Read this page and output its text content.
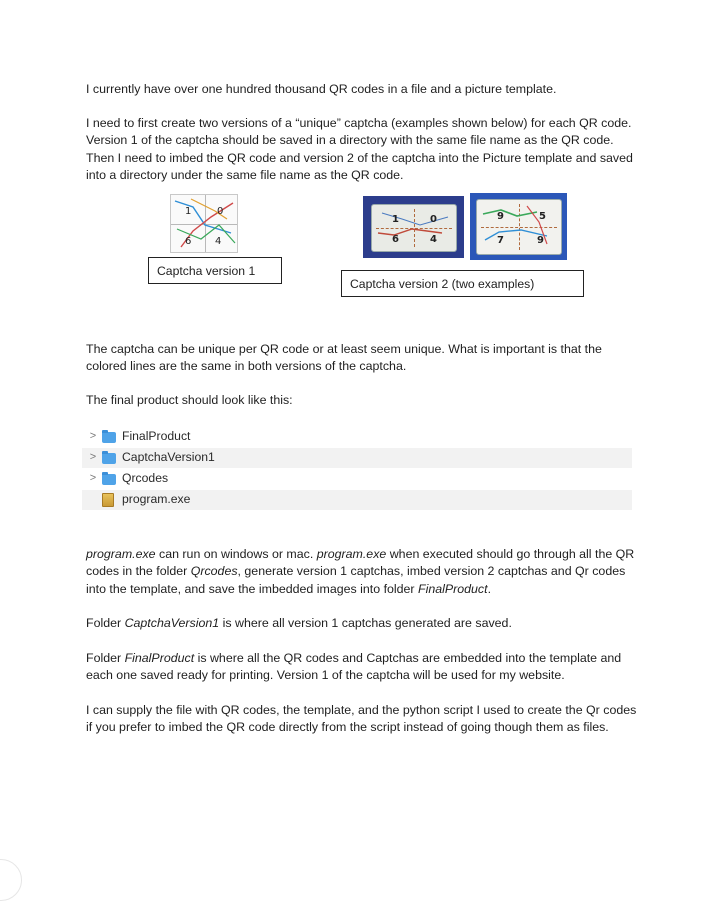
I currently have over one hundred thousand QR codes in a file and a picture template.

I need to first create two versions of a “unique” captcha (examples shown below) for each QR code. Version 1 of the captcha should be saved in a directory with the same file name as the QR code. Then I need to imbed the QR code and version 2 of the captcha into the Picture template and saved into a directory under the same file name as the QR code.

1	0
6 4
Captcha version 1
1	0
6	4
9	5
7	9
Captcha version 2 (two examples)

The captcha can be unique per QR code or at least seem unique. What is important is that the colored lines are the same in both versions of the captcha.

The final product should look like this:

>	FinalProduct
>	CaptchaVersion1
>	Qrcodes
program.exe

program.exe can run on windows or mac. program.exe when executed should go through all the QR codes in the folder Qrcodes, generate version 1 captchas, imbed version 2 captchas and Qr codes into the template, and save the imbedded images into folder FinalProduct.

Folder CaptchaVersion1 is where all version 1 captchas generated are saved.

Folder FinalProduct is where all the QR codes and Captchas are embedded into the template and each one saved ready for printing. Version 1 of the captcha will be used for my website.

I can supply the file with QR codes, the template, and the python script I used to create the Qr codes if you prefer to imbed the QR code directly from the script instead of going though them as files.
